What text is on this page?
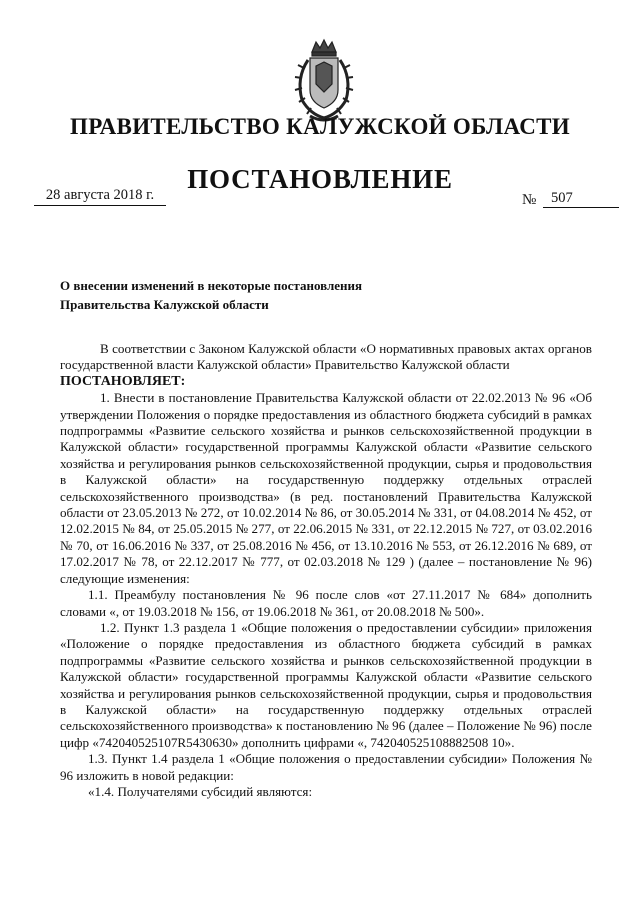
ПРАВИТЕЛЬСТВО КАЛУЖСКОЙ ОБЛАСТИ
ПОСТАНОВЛЕНИЕ
28 августа 2018 г.	№	507
О внесении изменений в некоторые постановления
Правительства Калужской области

В соответствии с Законом Калужской области «О нормативных правовых актах органов государственной власти Калужской области» Правительство Калужской области

ПОСТАНОВЛЯЕТ:

1. Внести в постановление Правительства Калужской области от 22.02.2013 № 96 «Об утверждении Положения о порядке предоставления из областного бюджета субсидий в рамках подпрограммы «Развитие сельского хозяйства и рынков сельскохозяйственной продукции в Калужской области» государственной программы Калужской области «Развитие сельского хозяйства и регулирования рынков сельскохозяйственной продукции, сырья и продовольствия в Калужской области» на государственную поддержку отдельных отраслей сельскохозяйственного производства» (в ред. постановлений Правительства Калужской области от 23.05.2013 № 272, от 10.02.2014 № 86, от 30.05.2014 № 331, от 04.08.2014 № 452, от 12.02.2015 № 84, от 25.05.2015 № 277, от 22.06.2015 № 331, от 22.12.2015 № 727, от 03.02.2016 № 70, от 16.06.2016 № 337, от 25.08.2016 № 456, от 13.10.2016 № 553, от 26.12.2016 № 689, от 17.02.2017 № 78, от 22.12.2017 № 777, от 02.03.2018 № 129 ) (далее – постановление № 96) следующие изменения:

1.1. Преамбулу постановления № 96 после слов «от 27.11.2017 № 684» дополнить словами «, от 19.03.2018 № 156, от 19.06.2018 № 361, от 20.08.2018 № 500».

1.2. Пункт 1.3 раздела 1 «Общие положения о предоставлении субсидии» приложения «Положение о порядке предоставления из областного бюджета субсидий в рамках подпрограммы «Развитие сельского хозяйства и рынков сельскохозяйственной продукции в Калужской области» государственной программы Калужской области «Развитие сельского хозяйства и регулирования рынков сельскохозяйственной продукции, сырья и продовольствия в Калужской области» на государственную поддержку отдельных отраслей сельскохозяйственного производства» к постановлению № 96 (далее – Положение № 96) после цифр «742040525107R5430630» дополнить цифрами «, 742040525108882508 10».

1.3. Пункт 1.4 раздела 1 «Общие положения о предоставлении субсидии» Положения № 96 изложить в новой редакции:

«1.4. Получателями субсидий являются:
